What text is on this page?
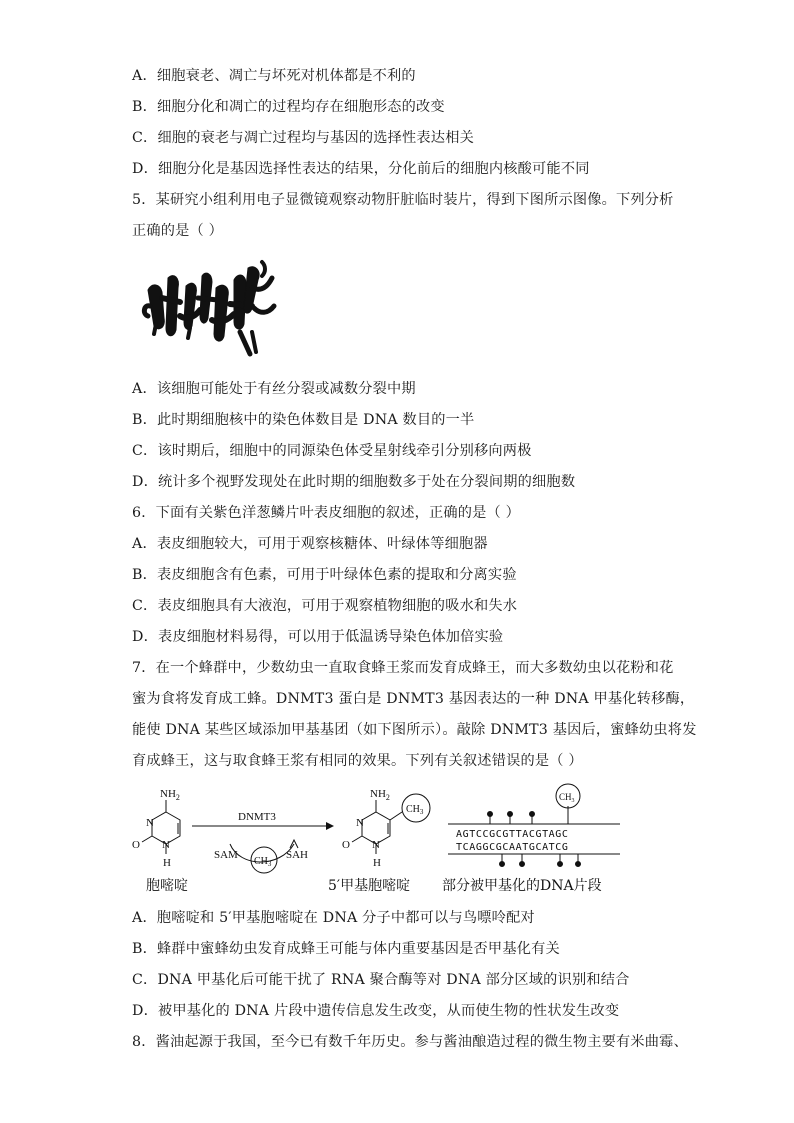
A．细胞衰老、凋亡与坏死对机体都是不利的
B．细胞分化和凋亡的过程均存在细胞形态的改变
C．细胞的衰老与凋亡过程均与基因的选择性表达相关
D．细胞分化是基因选择性表达的结果，分化前后的细胞内核酸可能不同
5．某研究小组利用电子显微镜观察动物肝脏临时装片，得到下图所示图像。下列分析
正确的是（ ）
A．该细胞可能处于有丝分裂或减数分裂中期
B．此时期细胞核中的染色体数目是 DNA 数目的一半
C．该时期后，细胞中的同源染色体受星射线牵引分别移向两极
D．统计多个视野发现处在此时期的细胞数多于处在分裂间期的细胞数
6．下面有关紫色洋葱鳞片叶表皮细胞的叙述，正确的是（ ）
A．表皮细胞较大，可用于观察核糖体、叶绿体等细胞器
B．表皮细胞含有色素，可用于叶绿体色素的提取和分离实验
C．表皮细胞具有大液泡，可用于观察植物细胞的吸水和失水
D．表皮细胞材料易得，可以用于低温诱导染色体加倍实验
7．在一个蜂群中，少数幼虫一直取食蜂王浆而发育成蜂王，而大多数幼虫以花粉和花
蜜为食将发育成工蜂。DNMT3 蛋白是 DNMT3 基因表达的一种 DNA 甲基化转移酶，
能使 DNA 某些区域添加甲基基团（如下图所示）。敲除 DNMT3 基因后，蜜蜂幼虫将发
育成蜂王，这与取食蜂王浆有相同的效果。下列有关叙述错误的是（ ）
$NH_2$
N
O N
H
DNMT3
SAM	SAH
$CH_3$
$NH_2$
N
O N
H
$CH_3$
AGTCCGCGTTACGTAGC
TCAGGCGCAATGCATCG
$CH_3$
胞嘧啶	5′甲基胞嘧啶 部分被甲基化的DNA片段
A．胞嘧啶和 5′甲基胞嘧啶在 DNA 分子中都可以与鸟嘌呤配对
B．蜂群中蜜蜂幼虫发育成蜂王可能与体内重要基因是否甲基化有关
C．DNA 甲基化后可能干扰了 RNA 聚合酶等对 DNA 部分区域的识别和结合
D．被甲基化的 DNA 片段中遗传信息发生改变，从而使生物的性状发生改变
8．酱油起源于我国，至今已有数千年历史。参与酱油酿造过程的微生物主要有米曲霉、
